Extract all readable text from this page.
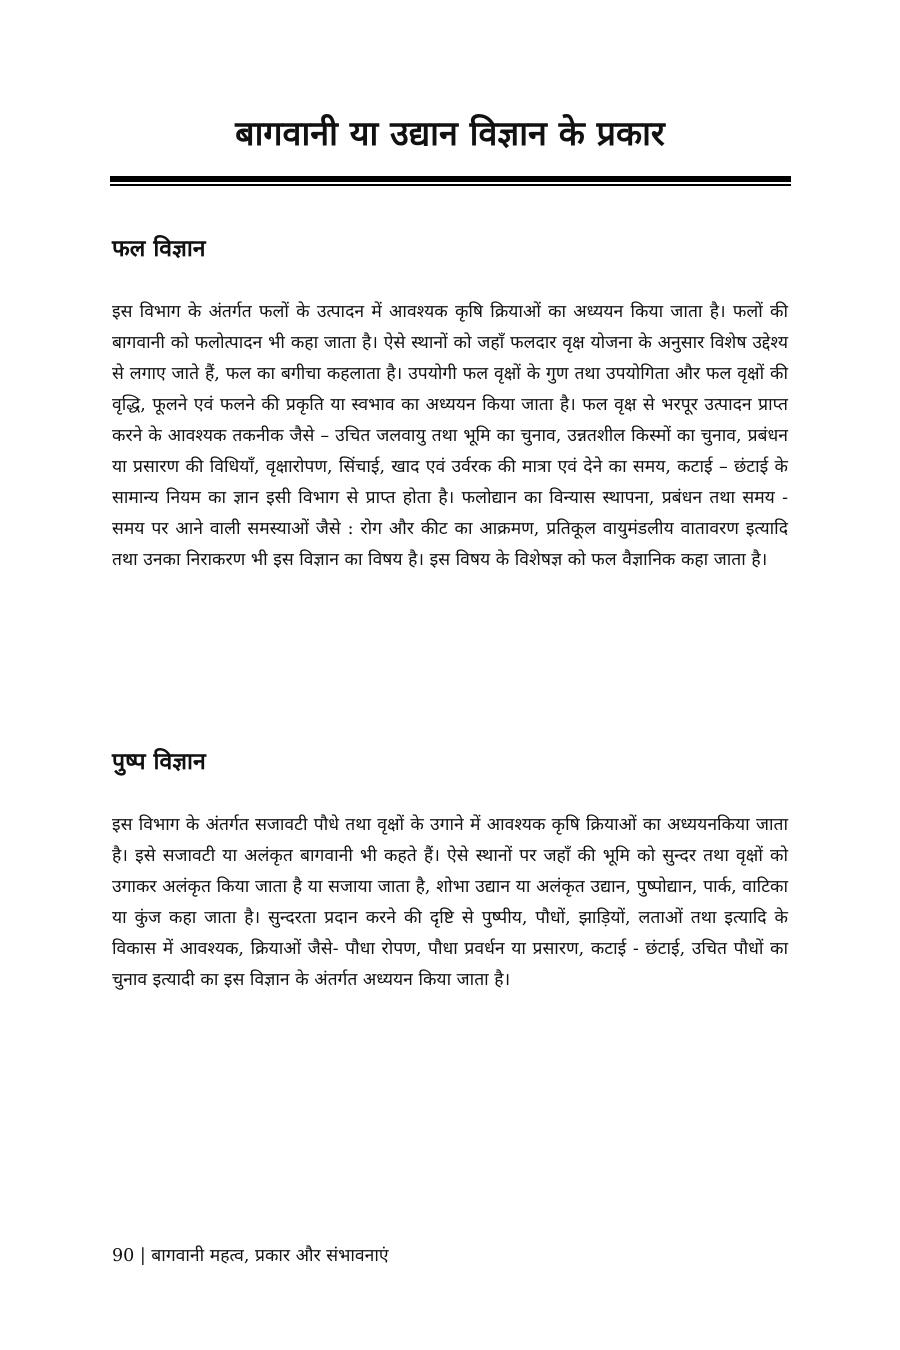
बागवानी या उद्यान विज्ञान के प्रकार
फल विज्ञान

इस विभाग के अंतर्गत फलों के उत्पादन में आवश्यक कृषि क्रियाओं का अध्ययन किया जाता है। फलों की बागवानी को फलोत्पादन भी कहा जाता है। ऐसे स्थानों को जहाँ फलदार वृक्ष योजना के अनुसार विशेष उद्देश्य से लगाए जाते हैं, फल का बगीचा कहलाता है। उपयोगी फल वृक्षों के गुण तथा उपयोगिता और फल वृक्षों की वृद्धि, फूलने एवं फलने की प्रकृति या स्वभाव का अध्ययन किया जाता है। फल वृक्ष से भरपूर उत्पादन प्राप्त करने के आवश्यक तकनीक जैसे – उचित जलवायु तथा भूमि का चुनाव, उन्नतशील किस्मों का चुनाव, प्रबंधन या प्रसारण की विधियाँ, वृक्षारोपण, सिंचाई, खाद एवं उर्वरक की मात्रा एवं देने का समय, कटाई – छंटाई के सामान्य नियम का ज्ञान इसी विभाग से प्राप्त होता है। फलोद्यान का विन्यास स्थापना, प्रबंधन तथा समय - समय पर आने वाली समस्याओं जैसे : रोग और कीट का आक्रमण, प्रतिकूल वायुमंडलीय वातावरण इत्यादि तथा उनका निराकरण भी इस विज्ञान का विषय है। इस विषय के विशेषज्ञ को फल वैज्ञानिक कहा जाता है।

पुष्प विज्ञान

इस विभाग के अंतर्गत सजावटी पौधे तथा वृक्षों के उगाने में आवश्यक कृषि क्रियाओं का अध्ययनकिया जाता है। इसे सजावटी या अलंकृत बागवानी भी कहते हैं। ऐसे स्थानों पर जहाँ की भूमि को सुन्दर तथा वृक्षों को उगाकर अलंकृत किया जाता है या सजाया जाता है, शोभा उद्यान या अलंकृत उद्यान, पुष्पोद्यान, पार्क, वाटिका या कुंज कहा जाता है। सुन्दरता प्रदान करने की दृष्टि से पुष्पीय, पौधों, झाड़ियों, लताओं तथा इत्यादि के विकास में आवश्यक, क्रियाओं जैसे- पौधा रोपण, पौधा प्रवर्धन या प्रसारण, कटाई - छंटाई, उचित पौधों का चुनाव इत्यादी का इस विज्ञान के अंतर्गत अध्ययन किया जाता है।

90 | बागवानी महत्व, प्रकार और संभावनाएं
